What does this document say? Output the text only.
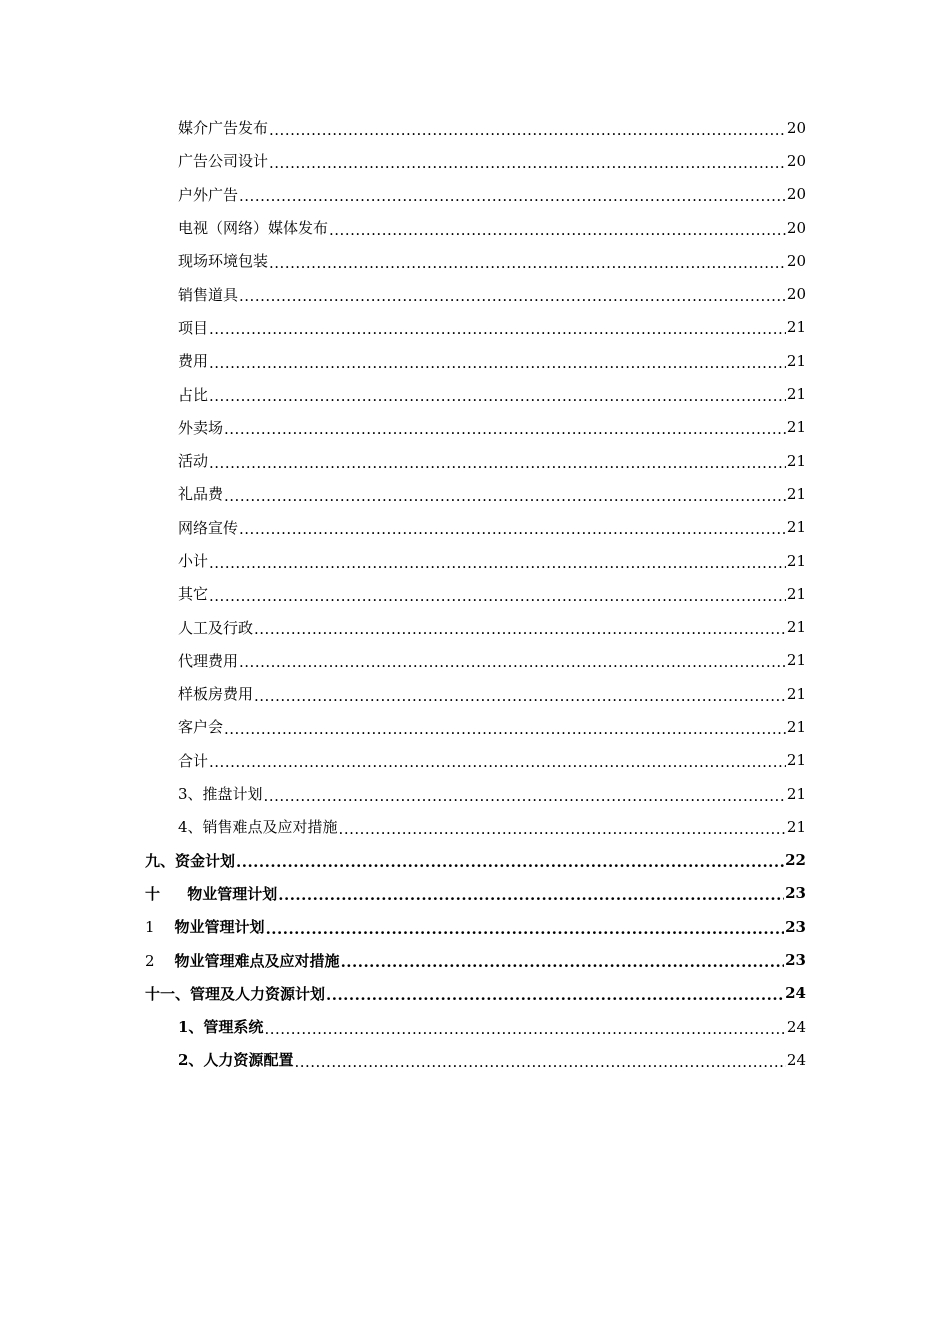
媒介广告发布 .....	20
广告公司设计 .....	20
户外广告 .....	20
电视（网络）媒体发布 .....	20
现场环境包装 .....	20
销售道具 .....	20
项目 .....	21
费用 .....	21
占比 .....	21
外卖场 .....	21
活动 .....	21
礼品费 .....	21
网络宣传 .....	21
小计 .....	21
其它 .....	21
人工及行政 .....	21
代理费用 .....	21
样板房费用 .....	21
客户会 .....	21
合计 .....	21
3、推盘计划 .....	21
4、销售难点及应对措施 .....	21
九、资金计划 .....	22
十 物业管理计划 .....	23
1 物业管理计划 .....	23
2 物业管理难点及应对措施 .....	23
十一、管理及人力资源计划 .....	24
1、管理系统 .....	24
2、人力资源配置 .....	24
